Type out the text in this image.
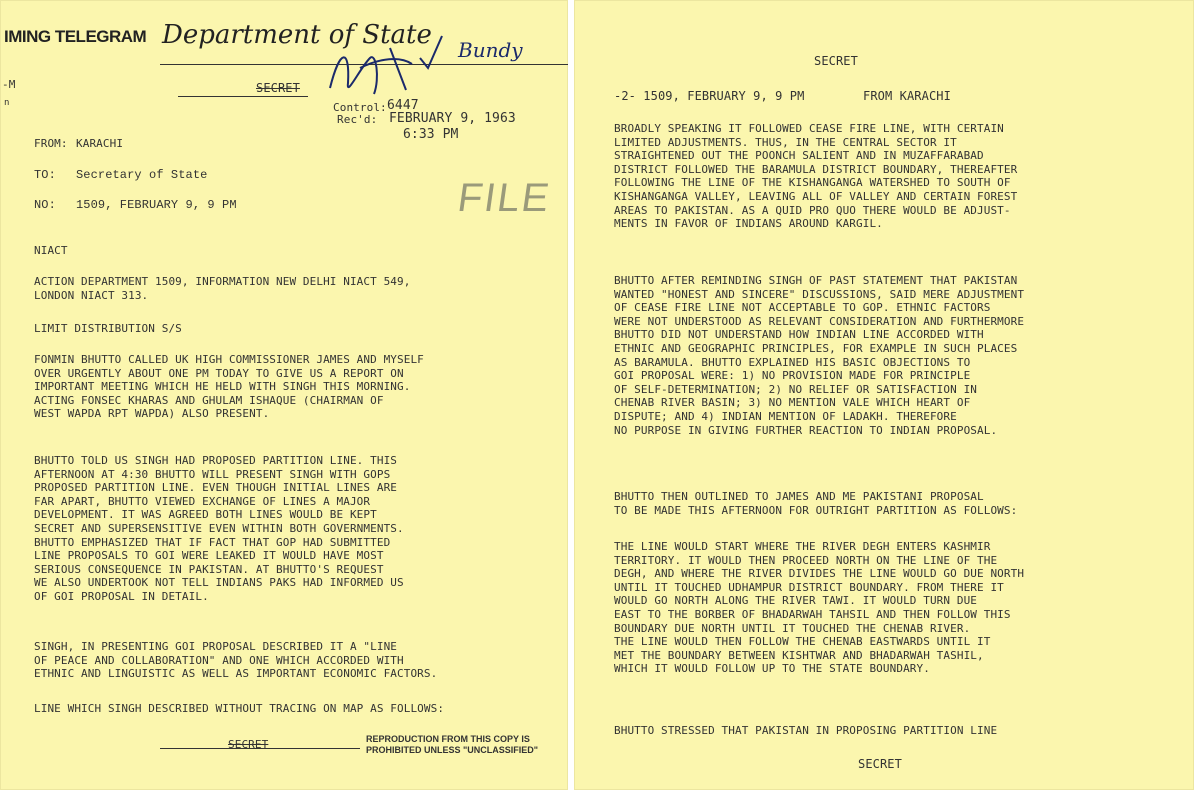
IMING TELEGRAM Department of State
-M
n
SECRET
Bundy
Control: 6447
Rec'd: FEBRUARY 9, 1963
6:33 PM
FROM: KARACHI
TO: Secretary of State
NO: 1509, FEBRUARY 9, 9 PM	FILE

NIACT

ACTION DEPARTMENT 1509, INFORMATION NEW DELHI NIACT 549,
LONDON NIACT 313.

LIMIT DISTRIBUTION S/S

FONMIN BHUTTO CALLED UK HIGH COMMISSIONER JAMES AND MYSELF
OVER URGENTLY ABOUT ONE PM TODAY TO GIVE US A REPORT ON
IMPORTANT MEETING WHICH HE HELD WITH SINGH THIS MORNING.
ACTING FONSEC KHARAS AND GHULAM ISHAQUE (CHAIRMAN OF
WEST WAPDA RPT WAPDA) ALSO PRESENT.

BHUTTO TOLD US SINGH HAD PROPOSED PARTITION LINE. THIS
AFTERNOON AT 4:30 BHUTTO WILL PRESENT SINGH WITH GOPS
PROPOSED PARTITION LINE. EVEN THOUGH INITIAL LINES ARE
FAR APART, BHUTTO VIEWED EXCHANGE OF LINES A MAJOR
DEVELOPMENT. IT WAS AGREED BOTH LINES WOULD BE KEPT
SECRET AND SUPERSENSITIVE EVEN WITHIN BOTH GOVERNMENTS.
BHUTTO EMPHASIZED THAT IF FACT THAT GOP HAD SUBMITTED
LINE PROPOSALS TO GOI WERE LEAKED IT WOULD HAVE MOST
SERIOUS CONSEQUENCE IN PAKISTAN. AT BHUTTO'S REQUEST
WE ALSO UNDERTOOK NOT TELL INDIANS PAKS HAD INFORMED US
OF GOI PROPOSAL IN DETAIL.

SINGH, IN PRESENTING GOI PROPOSAL DESCRIBED IT A "LINE
OF PEACE AND COLLABORATION" AND ONE WHICH ACCORDED WITH
ETHNIC AND LINGUISTIC AS WELL AS IMPORTANT ECONOMIC FACTORS.

LINE WHICH SINGH DESCRIBED WITHOUT TRACING ON MAP AS FOLLOWS:

SECRET	REPRODUCTION FROM THIS COPY IS
PROHIBITED UNLESS "UNCLASSIFIED"

SECRET
-2- 1509, FEBRUARY 9, 9 PM        FROM KARACHI

BROADLY SPEAKING IT FOLLOWED CEASE FIRE LINE, WITH CERTAIN
LIMITED ADJUSTMENTS. THUS, IN THE CENTRAL SECTOR IT
STRAIGHTENED OUT THE POONCH SALIENT AND IN MUZAFFARABAD
DISTRICT FOLLOWED THE BARAMULA DISTRICT BOUNDARY, THEREAFTER
FOLLOWING THE LINE OF THE KISHANGANGA WATERSHED TO SOUTH OF
KISHANGANGA VALLEY, LEAVING ALL OF VALLEY AND CERTAIN FOREST
AREAS TO PAKISTAN. AS A QUID PRO QUO THERE WOULD BE ADJUST-
MENTS IN FAVOR OF INDIANS AROUND KARGIL.

BHUTTO AFTER REMINDING SINGH OF PAST STATEMENT THAT PAKISTAN
WANTED "HONEST AND SINCERE" DISCUSSIONS, SAID MERE ADJUSTMENT
OF CEASE FIRE LINE NOT ACCEPTABLE TO GOP. ETHNIC FACTORS
WERE NOT UNDERSTOOD AS RELEVANT CONSIDERATION AND FURTHERMORE
BHUTTO DID NOT UNDERSTAND HOW INDIAN LINE ACCORDED WITH
ETHNIC AND GEOGRAPHIC PRINCIPLES, FOR EXAMPLE IN SUCH PLACES
AS BARAMULA. BHUTTO EXPLAINED HIS BASIC OBJECTIONS TO
GOI PROPOSAL WERE: 1) NO PROVISION MADE FOR PRINCIPLE
OF SELF-DETERMINATION; 2) NO RELIEF OR SATISFACTION IN
CHENAB RIVER BASIN; 3) NO MENTION VALE WHICH HEART OF
DISPUTE; AND 4) INDIAN MENTION OF LADAKH. THEREFORE
NO PURPOSE IN GIVING FURTHER REACTION TO INDIAN PROPOSAL.

BHUTTO THEN OUTLINED TO JAMES AND ME PAKISTANI PROPOSAL
TO BE MADE THIS AFTERNOON FOR OUTRIGHT PARTITION AS FOLLOWS:

THE LINE WOULD START WHERE THE RIVER DEGH ENTERS KASHMIR
TERRITORY. IT WOULD THEN PROCEED NORTH ON THE LINE OF THE
DEGH, AND WHERE THE RIVER DIVIDES THE LINE WOULD GO DUE NORTH
UNTIL IT TOUCHED UDHAMPUR DISTRICT BOUNDARY. FROM THERE IT
WOULD GO NORTH ALONG THE RIVER TAWI. IT WOULD TURN DUE
EAST TO THE BORBER OF BHADARWAH TAHSIL AND THEN FOLLOW THIS
BOUNDARY DUE NORTH UNTIL IT TOUCHED THE CHENAB RIVER.
THE LINE WOULD THEN FOLLOW THE CHENAB EASTWARDS UNTIL IT
MET THE BOUNDARY BETWEEN KISHTWAR AND BHADARWAH TASHIL,
WHICH IT WOULD FOLLOW UP TO THE STATE BOUNDARY.

BHUTTO STRESSED THAT PAKISTAN IN PROPOSING PARTITION LINE

SECRET
